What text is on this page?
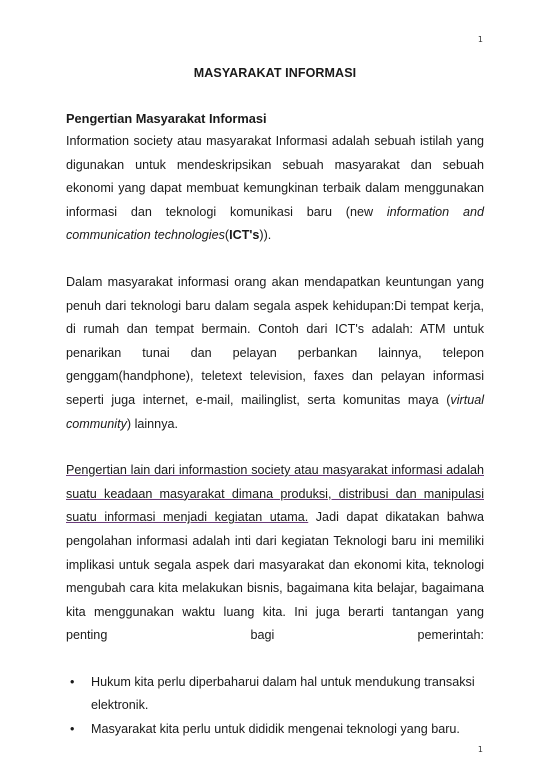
1
MASYARAKAT INFORMASI

Pengertian Masyarakat Informasi

Information society atau masyarakat Informasi adalah sebuah istilah yang digunakan untuk mendeskripsikan sebuah masyarakat dan sebuah ekonomi yang dapat membuat kemungkinan terbaik dalam menggunakan informasi dan teknologi komunikasi baru (new information and communication technologies(ICT's)).

Dalam masyarakat informasi orang akan mendapatkan keuntungan yang penuh dari teknologi baru dalam segala aspek kehidupan:Di tempat kerja, di rumah dan tempat bermain. Contoh dari ICT's adalah: ATM untuk penarikan tunai dan pelayan perbankan lainnya, telepon genggam(handphone), teletext television, faxes dan pelayan informasi seperti juga internet, e-mail, mailinglist, serta komunitas maya (virtual community) lainnya.

Pengertian lain dari informastion society atau masyarakat informasi adalah suatu keadaan masyarakat dimana produksi, distribusi dan manipulasi suatu informasi menjadi kegiatan utama. Jadi dapat dikatakan bahwa pengolahan informasi adalah inti dari kegiatan Teknologi baru ini memiliki implikasi untuk segala aspek dari masyarakat dan ekonomi kita, teknologi mengubah cara kita melakukan bisnis, bagaimana kita belajar, bagaimana kita menggunakan waktu luang kita. Ini juga berarti tantangan yang penting bagi pemerintah:

• Hukum kita perlu diperbaharui dalam hal untuk mendukung transaksi elektronik.
• Masyarakat kita perlu untuk dididik mengenai teknologi yang baru.
1
